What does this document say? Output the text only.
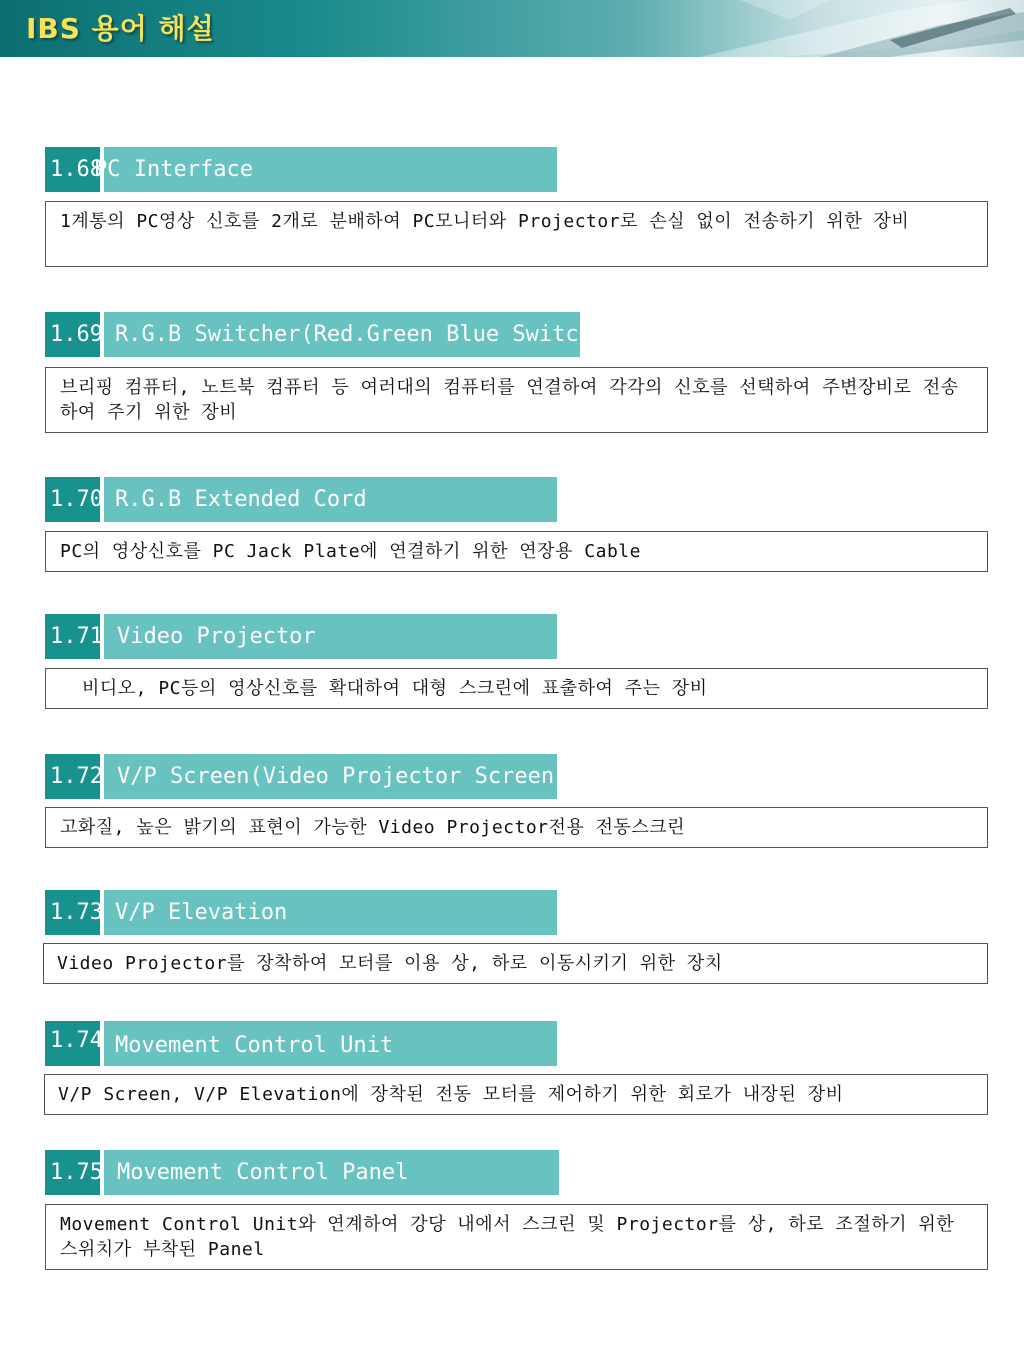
IBS 용어 해설
PC Interface
1.68
1계통의 PC영상 신호를 2개로 분배하여 PC모니터와 Projector로 손실 없이 전송하기 위한 장비
1.69 R.G.B Switcher(Red.Green Blue Switcher)
브리핑 컴퓨터, 노트북 컴퓨터 등 여러대의 컴퓨터를 연결하여 각각의 신호를 선택하여 주변장비로 전송하여 주기 위한 장비
1.70 R.G.B Extended Cord
PC의 영상신호를 PC Jack Plate에 연결하기 위한 연장용 Cable
1.71 Video Projector
비디오, PC등의 영상신호를 확대하여 대형 스크린에 표출하여 주는 장비
1.72 V/P Screen(Video Projector Screen)
고화질, 높은 밝기의 표현이 가능한 Video Projector전용 전동스크린
1.73 V/P Elevation
Video Projector를 장착하여 모터를 이용 상, 하로 이동시키기 위한 장치
1.74 Movement Control Unit
V/P Screen, V/P Elevation에 장착된 전동 모터를 제어하기 위한 회로가 내장된 장비
1.75 Movement Control Panel
Movement Control Unit와 연계하여 강당 내에서 스크린 및 Projector를 상, 하로 조절하기 위한 스위치가 부착된 Panel
